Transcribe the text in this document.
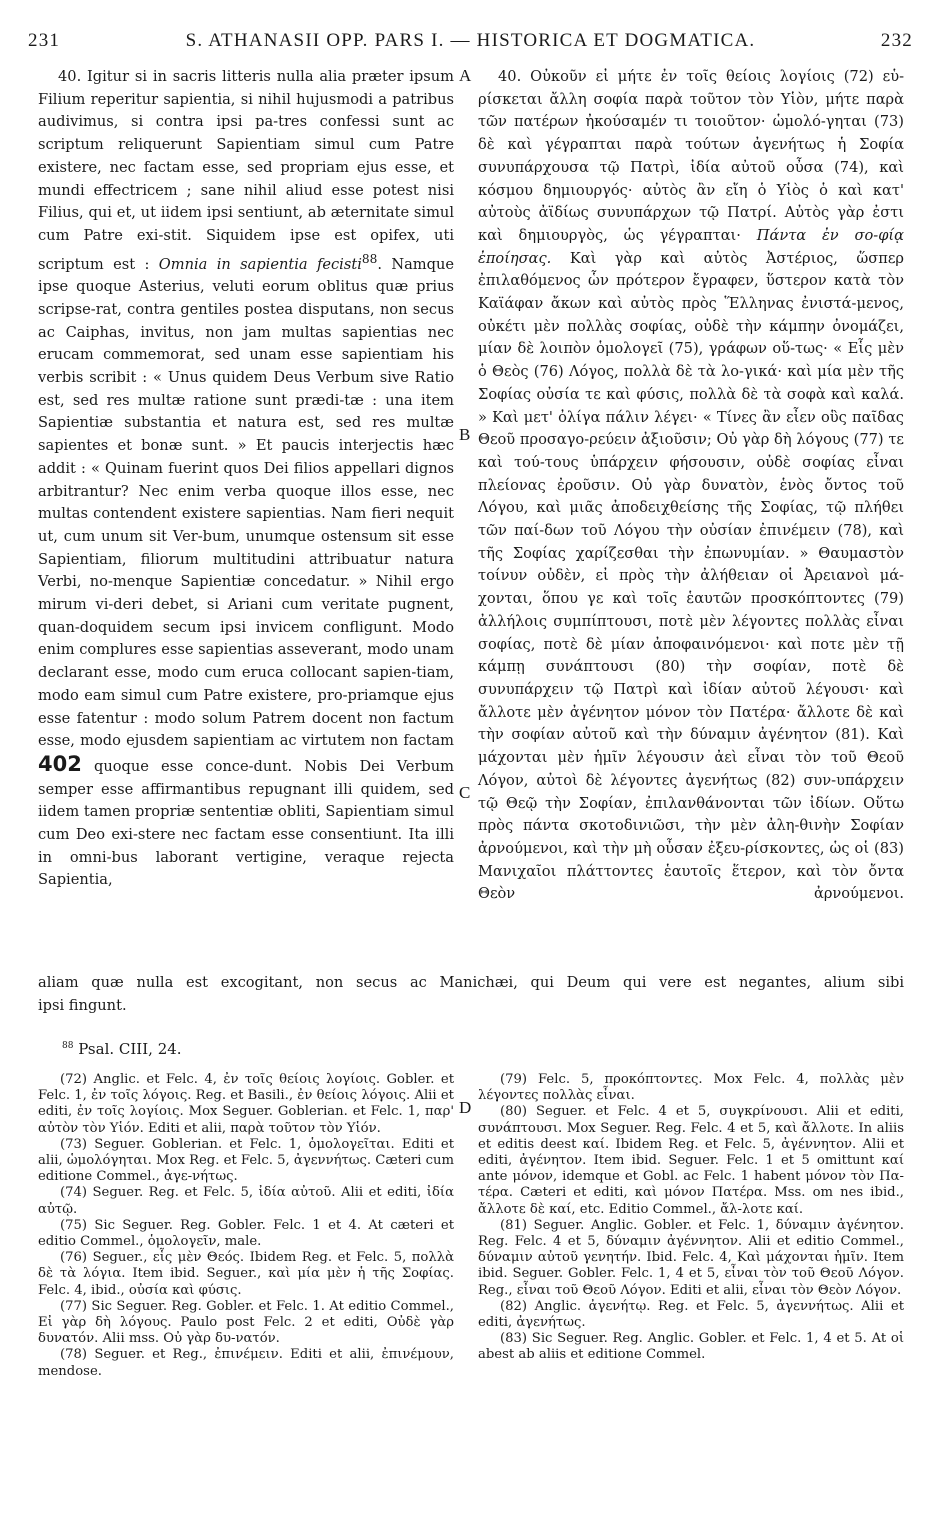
231	S. ATHANASII OPP. PARS I. — HISTORICA ET DOGMATICA.	232

40. Igitur si in sacris litteris nulla alia præter ipsum Filium reperitur sapientia, si nihil hujusmodi a patribus audivimus, si contra ipsi pa-tres confessi sunt ac scriptum reliquerunt Sapientiam simul cum Patre existere, nec factam esse, sed propriam ejus esse, et mundi effectricem ; sane nihil aliud esse potest nisi Filius, qui et, ut iidem ipsi sentiunt, ab æternitate simul cum Patre exi-stit. Siquidem ipse est opifex, uti scriptum est : Omnia in sapientia fecisti$^{88}$. Namque ipse quoque Asterius, veluti eorum oblitus quæ prius scripse-rat, contra gentiles postea disputans, non secus ac Caiphas, invitus, non jam multas sapientias nec erucam commemorat, sed unam esse sapientiam his verbis scribit : « Unus quidem Deus Verbum sive Ratio est, sed res multæ ratione sunt prædi-tæ : una item Sapientiæ substantia et natura est, sed res multæ sapientes et bonæ sunt. » Et paucis interjectis hæc addit : « Quinam fuerint quos Dei filios appellari dignos arbitrantur? Nec enim verba quoque illos esse, nec multas contendent existere sapientias. Nam fieri nequit ut, cum unum sit Ver-bum, unumque ostensum sit esse Sapientiam, filiorum multitudini attribuatur natura Verbi, no-menque Sapientiæ concedatur. » Nihil ergo mirum vi-deri debet, si Ariani cum veritate pugnent, quan-doquidem secum ipsi invicem confligunt. Modo enim complures esse sapientias asseverant, modo unam declarant esse, modo cum eruca collocant sapien-tiam, modo eam simul cum Patre existere, pro-priamque ejus esse fatentur : modo solum Patrem docent non factum esse, modo ejusdem sapientiam ac virtutem non factam 402 quoque esse conce-dunt. Nobis Dei Verbum semper esse affirmantibus repugnant illi quidem, sed iidem tamen propriæ sententiæ obliti, Sapientiam simul cum Deo exi-stere nec factam esse consentiunt. Ita illi in omni-bus laborant vertigine, veraque rejecta Sapientia,

A
B
C
D

40. Οὐκοῦν εἰ μήτε ἐν τοῖς θείοις λογίοις (72) εὑ-ρίσκεται ἄλλη σοφία παρὰ τοῦτον τὸν Υἱὸν, μήτε παρὰ τῶν πατέρων ἠκούσαμέν τι τοιοῦτον· ὡμολό-γηται (73) δὲ καὶ γέγραπται παρὰ τούτων ἀγενήτως ἡ Σοφία συνυπάρχουσα τῷ Πατρὶ, ἰδία αὐτοῦ οὖσα (74), καὶ κόσμου δημιουργός· αὐτὸς ἂν εἴη ὁ Υἱὸς ὁ καὶ κατ' αὐτοὺς ἀϊδίως συνυπάρχων τῷ Πατρί. Αὐτὸς γὰρ ἐστι καὶ δημιουργὸς, ὡς γέγραπται· Πάντα ἐν σο-φίᾳ ἐποίησας. Καὶ γὰρ καὶ αὐτὸς Ἀστέριος, ὥσπερ ἐπιλαθόμενος ὧν πρότερον ἔγραφεν, ὕστερον κατὰ τὸν Καϊάφαν ἄκων καὶ αὐτὸς πρὸς Ἕλληνας ἐνιστά-μενος, οὐκέτι μὲν πολλὰς σοφίας, οὐδὲ τὴν κάμπην ὀνομάζει, μίαν δὲ λοιπὸν ὁμολογεῖ (75), γράφων οὕ-τως· « Εἷς μὲν ὁ Θεὸς (76) Λόγος, πολλὰ δὲ τὰ λο-γικά· καὶ μία μὲν τῆς Σοφίας οὐσία τε καὶ φύσις, πολλὰ δὲ τὰ σοφὰ καὶ καλά. » Καὶ μετ' ὀλίγα πάλιν λέγει· « Τίνες ἂν εἶεν οὓς παῖδας Θεοῦ προσαγο-ρεύειν ἀξιοῦσιν; Οὐ γὰρ δὴ λόγους (77) τε καὶ τού-τους ὑπάρχειν φήσουσιν, οὐδὲ σοφίας εἶναι πλείονας ἐροῦσιν. Οὐ γὰρ δυνατὸν, ἑνὸς ὄντος τοῦ Λόγου, καὶ μιᾶς ἀποδειχθείσης τῆς Σοφίας, τῷ πλήθει τῶν παί-δων τοῦ Λόγου τὴν οὐσίαν ἐπινέμειν (78), καὶ τῆς Σοφίας χαρίζεσθαι τὴν ἐπωνυμίαν. » Θαυμαστὸν τοίνυν οὐδὲν, εἰ πρὸς τὴν ἀλήθειαν οἱ Ἀρειανοὶ μά-χονται, ὅπου γε καὶ τοῖς ἑαυτῶν προσκόπτοντες (79) ἀλλήλοις συμπίπτουσι, ποτὲ μὲν λέγοντες πολλὰς εἶναι σοφίας, ποτὲ δὲ μίαν ἀποφαινόμενοι· καὶ ποτε μὲν τῇ κάμπῃ συνάπτουσι (80) τὴν σοφίαν, ποτὲ δὲ συνυπάρχειν τῷ Πατρὶ καὶ ἰδίαν αὐτοῦ λέγουσι· καὶ ἄλλοτε μὲν ἀγένητον μόνον τὸν Πατέρα· ἄλλοτε δὲ καὶ τὴν σοφίαν αὐτοῦ καὶ τὴν δύναμιν ἀγένητον (81). Καὶ μάχονται μὲν ἡμῖν λέγουσιν ἀεὶ εἶναι τὸν τοῦ Θεοῦ Λόγον, αὐτοὶ δὲ λέγοντες ἀγενήτως (82) συν-υπάρχειν τῷ Θεῷ τὴν Σοφίαν, ἐπιλανθάνονται τῶν ἰδίων. Οὕτω πρὸς πάντα σκοτοδινιῶσι, τὴν μὲν ἀλη-θινὴν Σοφίαν ἀρνούμενοι, καὶ τὴν μὴ οὖσαν ἐξευ-ρίσκοντες, ὡς οἱ (83) Μανιχαῖοι πλάττοντες ἑαυτοῖς ἕτερον, καὶ τὸν ὄντα Θεὸν ἀρνούμενοι.

aliam quæ nulla est excogitant, non secus ac Manichæi, qui Deum qui vere est negantes, alium sibi
ipsi fingunt.
$^{88}$ Psal. CIII, 24.

(72) Anglic. et Felc. 4, ἐν τοῖς θείοις λογίοις. Gobler. et Felc. 1, ἐν τοῖς λόγοις. Reg. et Basili., ἐν θείοις λόγοις. Alii et editi, ἐν τοῖς λογίοις. Mox Seguer. Goblerian. et Felc. 1, παρ' αὐτὸν τὸν Υἱόν. Editi et alii, παρὰ τοῦτον τὸν Υἱόν.

(73) Seguer. Goblerian. et Felc. 1, ὁμολογεῖται. Editi et alii, ὡμολόγηται. Mox Reg. et Felc. 5, ἀγεννήτως. Cæteri cum editione Commel., ἀγε-νήτως.

(74) Seguer. Reg. et Felc. 5, ἰδία αὐτοῦ. Alii et editi, ἰδία αὐτῷ.

(75) Sic Seguer. Reg. Gobler. Felc. 1 et 4. At cæteri et editio Commel., ὁμολογεῖν, male.

(76) Seguer., εἷς μὲν Θεός. Ibidem Reg. et Felc. 5, πολλὰ δὲ τὰ λόγια. Item ibid. Seguer., καὶ μία μὲν ἡ τῆς Σοφίας. Felc. 4, ibid., οὐσία καὶ φύσις.

(77) Sic Seguer. Reg. Gobler. et Felc. 1. At editio Commel., Εἰ γὰρ δὴ λόγους. Paulo post Felc. 2 et editi, Οὐδὲ γὰρ δυνατόν. Alii mss. Οὐ γὰρ δυ-νατόν.

(78) Seguer. et Reg., ἐπινέμειν. Editi et alii, ἐπινέμουν, mendose.

(79) Felc. 5, προκόπτοντες. Mox Felc. 4, πολλὰς μὲν λέγοντες πολλὰς εἶναι.

(80) Seguer. et Felc. 4 et 5, συγκρίνουσι. Alii et editi, συνάπτουσι. Mox Seguer. Reg. Felc. 4 et 5, καὶ ἄλλοτε. In aliis et editis deest καί. Ibidem Reg. et Felc. 5, ἀγέννητον. Alii et editi, ἀγένητον. Item ibid. Seguer. Felc. 1 et 5 omittunt καί ante μόνον, idemque et Gobl. ac Felc. 1 habent μόνον τὸν Πα-τέρα. Cæteri et editi, καὶ μόνον Πατέρα. Mss. om nes ibid., ἄλλοτε δὲ καί, etc. Editio Commel., ἄλ-λοτε καί.

(81) Seguer. Anglic. Gobler. et Felc. 1, δύναμιν ἀγένητον. Reg. Felc. 4 et 5, δύναμιν ἀγέννητον. Alii et editio Commel., δύναμιν αὐτοῦ γενητήν. Ibid. Felc. 4, Καὶ μάχονται ἡμῖν. Item ibid. Seguer. Gobler. Felc. 1, 4 et 5, εἶναι τὸν τοῦ Θεοῦ Λόγον. Reg., εἶναι τοῦ Θεοῦ Λόγον. Editi et alii, εἶναι τὸν Θεὸν Λόγον.

(82) Anglic. ἀγενήτῳ. Reg. et Felc. 5, ἀγεννήτως. Alii et editi, ἀγενήτως.

(83) Sic Seguer. Reg. Anglic. Gobler. et Felc. 1, 4 et 5. At οἱ abest ab aliis et editione Commel.
